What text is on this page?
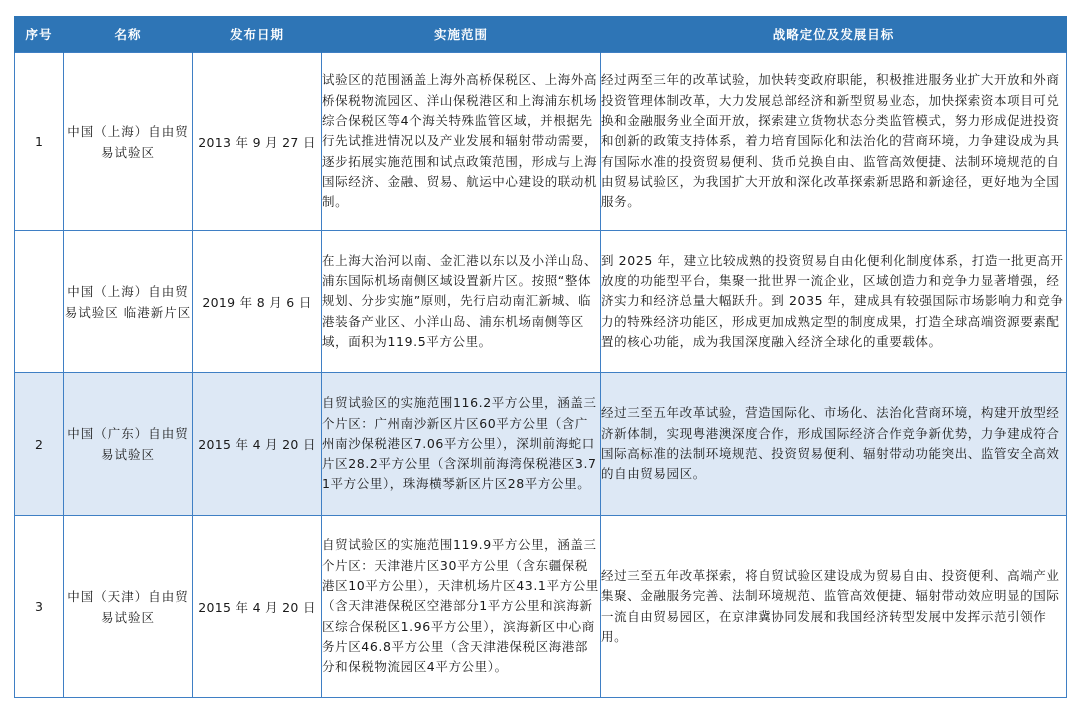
序号	名称	发布日期	实施范围	战略定位及发展目标
1	中国（上海）自由贸易试验区	2013 年 9 月 27 日	试验区的范围涵盖上海外高桥保税区、上海外高桥保税物流园区、洋山保税港区和上海浦东机场综合保税区等4个海关特殊监管区域，并根据先行先试推进情况以及产业发展和辐射带动需要，逐步拓展实施范围和试点政策范围，形成与上海国际经济、金融、贸易、航运中心建设的联动机制。	经过两至三年的改革试验，加快转变政府职能，积极推进服务业扩大开放和外商投资管理体制改革，大力发展总部经济和新型贸易业态，加快探索资本项目可兑换和金融服务业全面开放，探索建立货物状态分类监管模式，努力形成促进投资和创新的政策支持体系，着力培育国际化和法治化的营商环境，力争建设成为具有国际水准的投资贸易便利、货币兑换自由、监管高效便捷、法制环境规范的自由贸易试验区，为我国扩大开放和深化改革探索新思路和新途径，更好地为全国服务。
	中国（上海）自由贸易试验区 临港新片区	2019 年 8 月 6 日	在上海大治河以南、金汇港以东以及小洋山岛、浦东国际机场南侧区域设置新片区。按照“整体规划、分步实施”原则，先行启动南汇新城、临港装备产业区、小洋山岛、浦东机场南侧等区域，面积为119.5平方公里。	到 2025 年，建立比较成熟的投资贸易自由化便利化制度体系，打造一批更高开放度的功能型平台，集聚一批世界一流企业，区域创造力和竞争力显著增强，经济实力和经济总量大幅跃升。到 2035 年，建成具有较强国际市场影响力和竞争力的特殊经济功能区，形成更加成熟定型的制度成果，打造全球高端资源要素配置的核心功能，成为我国深度融入经济全球化的重要载体。
2	中国（广东）自由贸易试验区	2015 年 4 月 20 日	自贸试验区的实施范围116.2平方公里，涵盖三个片区：广州南沙新区片区60平方公里（含广州南沙保税港区7.06平方公里），深圳前海蛇口片区28.2平方公里（含深圳前海湾保税港区3.71平方公里），珠海横琴新区片区28平方公里。	经过三至五年改革试验，营造国际化、市场化、法治化营商环境，构建开放型经济新体制，实现粤港澳深度合作，形成国际经济合作竞争新优势，力争建成符合国际高标准的法制环境规范、投资贸易便利、辐射带动功能突出、监管安全高效的自由贸易园区。
3	中国（天津）自由贸易试验区	2015 年 4 月 20 日	自贸试验区的实施范围119.9平方公里，涵盖三个片区：天津港片区30平方公里（含东疆保税港区10平方公里），天津机场片区43.1平方公里（含天津港保税区空港部分1平方公里和滨海新区综合保税区1.96平方公里），滨海新区中心商务片区46.8平方公里（含天津港保税区海港部分和保税物流园区4平方公里）。	经过三至五年改革探索，将自贸试验区建设成为贸易自由、投资便利、高端产业集聚、金融服务完善、法制环境规范、监管高效便捷、辐射带动效应明显的国际一流自由贸易园区，在京津冀协同发展和我国经济转型发展中发挥示范引领作用。
